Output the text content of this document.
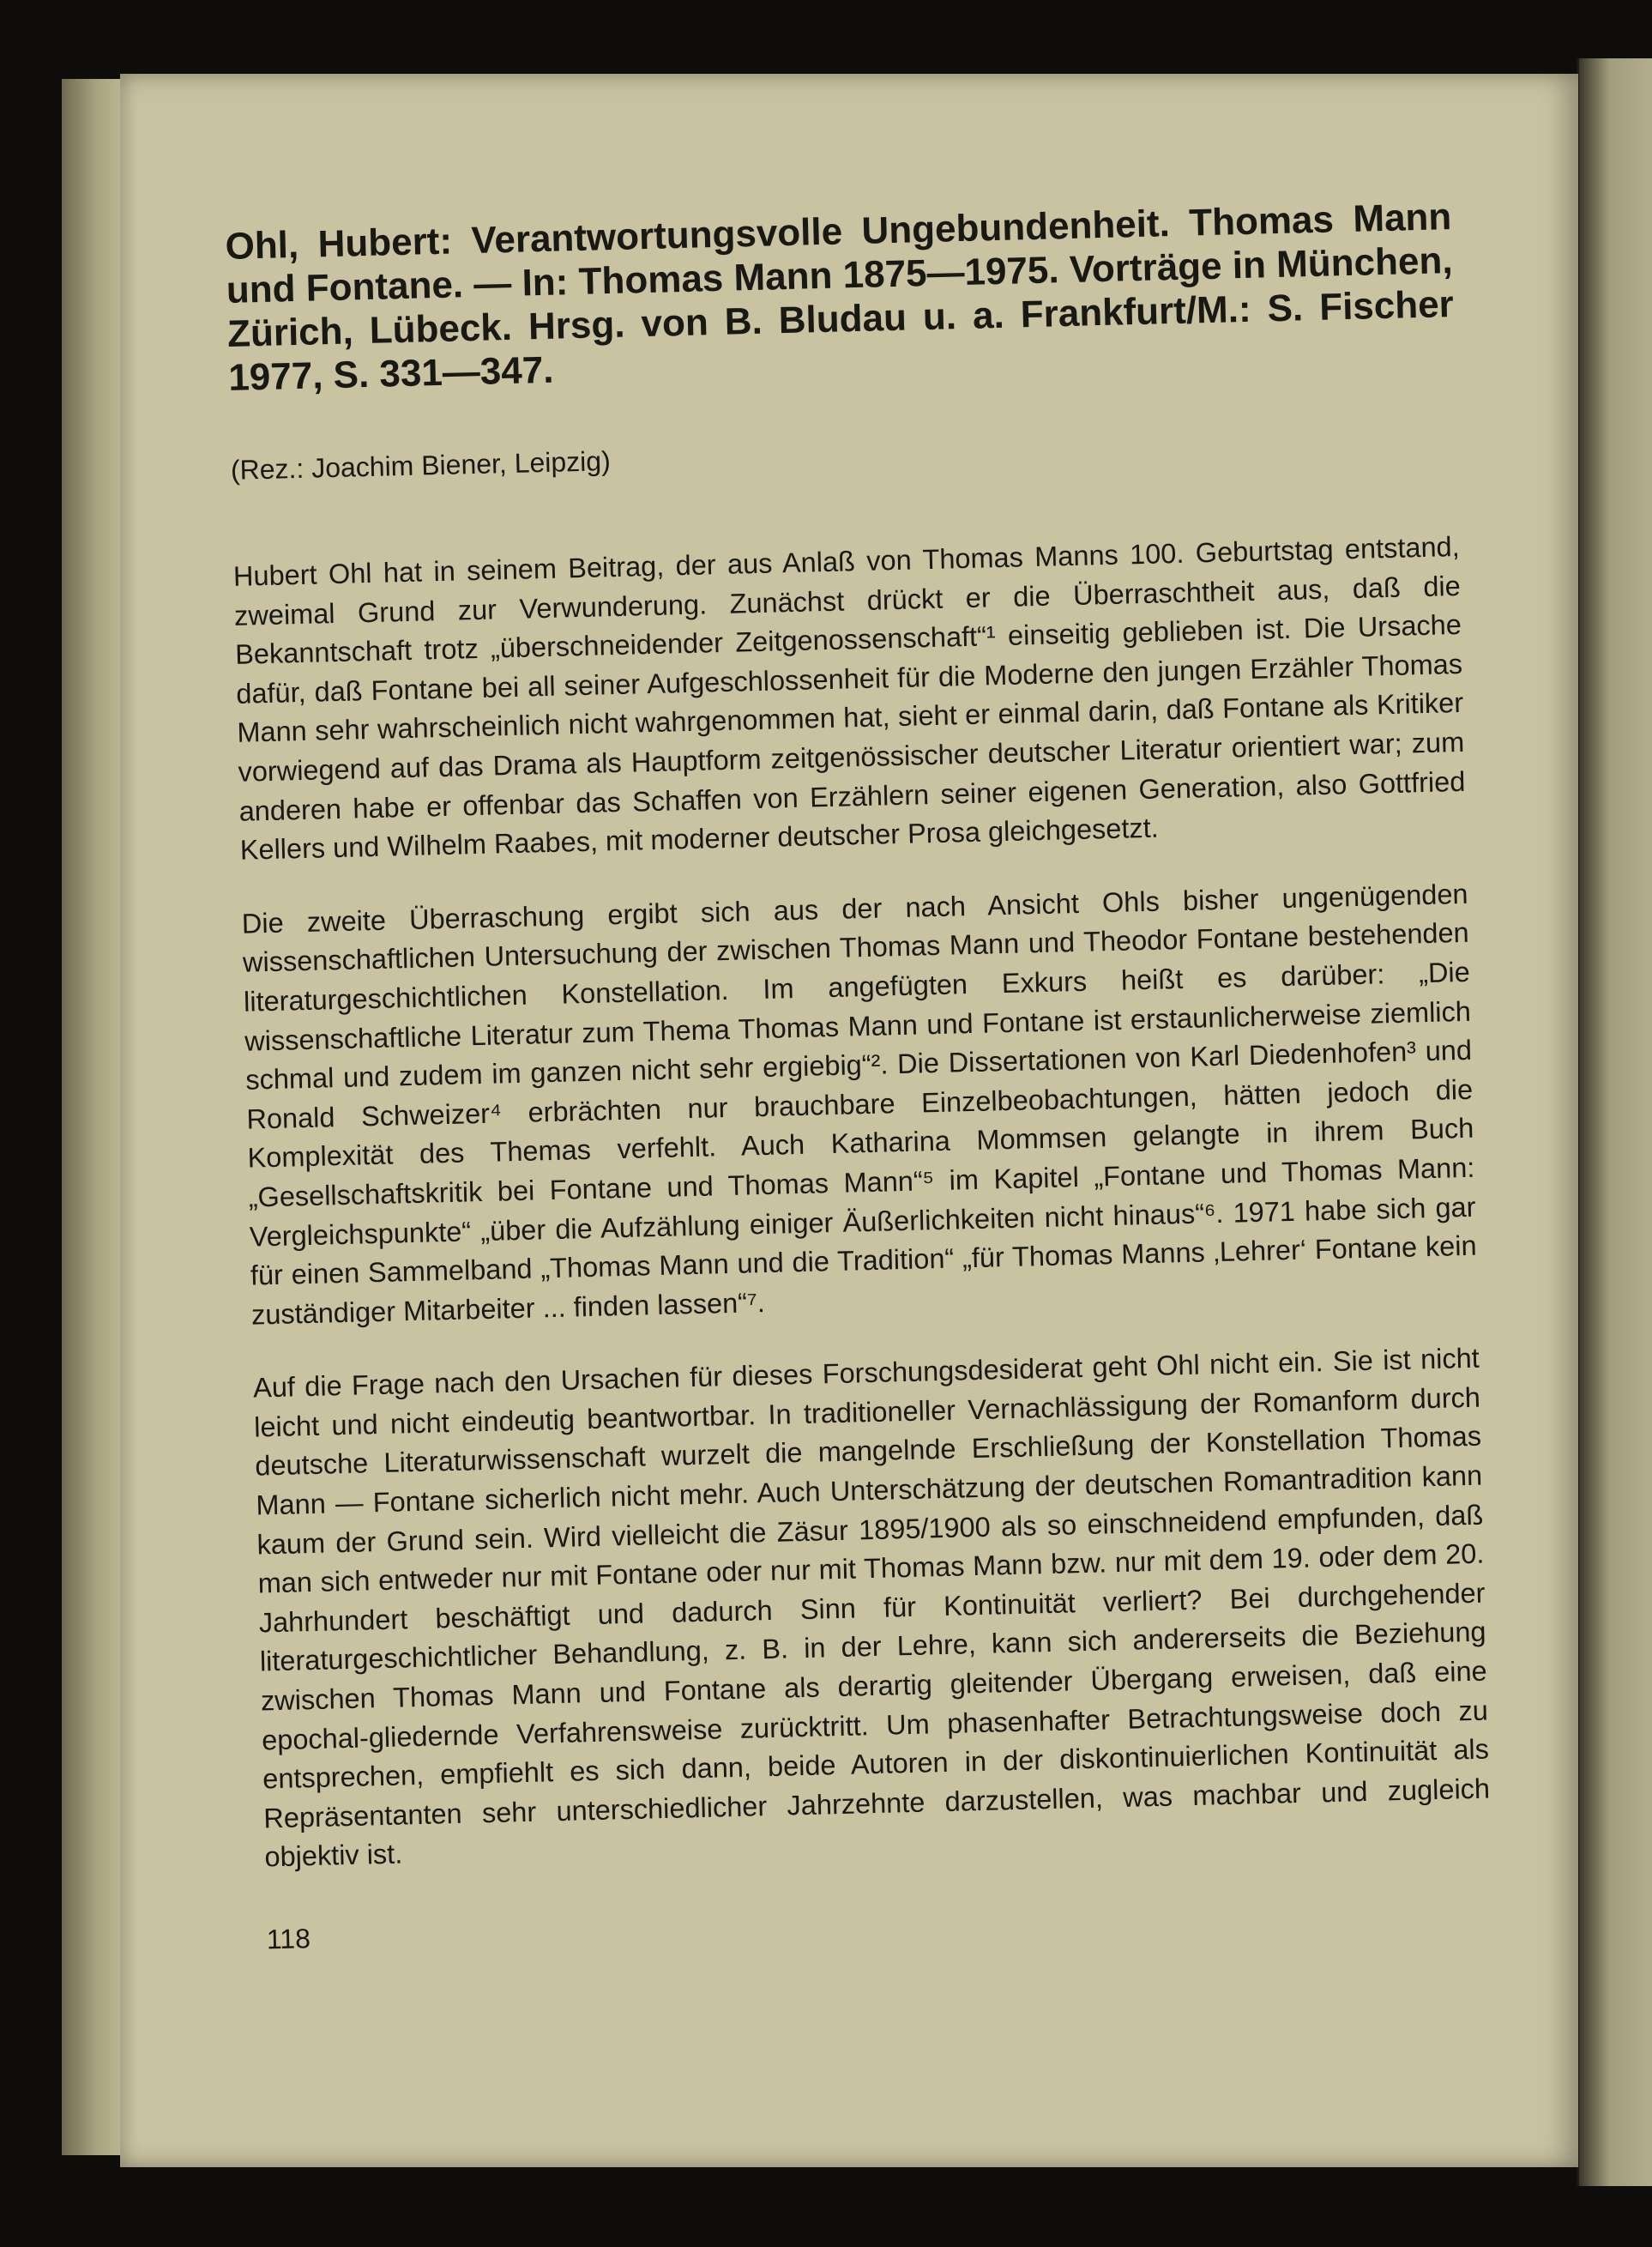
Ohl, Hubert: Verantwortungsvolle Ungebundenheit. Thomas Mann und Fontane. — In: Thomas Mann 1875—1975. Vorträge in München, Zürich, Lübeck. Hrsg. von B. Bludau u. a. Frankfurt/M.: S. Fischer 1977, S. 331—347.

(Rez.: Joachim Biener, Leipzig)

Hubert Ohl hat in seinem Beitrag, der aus Anlaß von Thomas Manns 100. Geburtstag entstand, zweimal Grund zur Verwunderung. Zunächst drückt er die Überraschtheit aus, daß die Bekanntschaft trotz „überschneidender Zeitgenossenschaft“¹ einseitig geblieben ist. Die Ursache dafür, daß Fontane bei all seiner Aufgeschlossenheit für die Moderne den jungen Erzähler Thomas Mann sehr wahrscheinlich nicht wahrgenommen hat, sieht er einmal darin, daß Fontane als Kritiker vorwiegend auf das Drama als Hauptform zeitgenössischer deutscher Literatur orientiert war; zum anderen habe er offenbar das Schaffen von Erzählern seiner eigenen Generation, also Gottfried Kellers und Wilhelm Raabes, mit moderner deutscher Prosa gleichgesetzt.

Die zweite Überraschung ergibt sich aus der nach Ansicht Ohls bisher ungenügenden wissenschaftlichen Untersuchung der zwischen Thomas Mann und Theodor Fontane bestehenden literaturgeschichtlichen Konstellation. Im angefügten Exkurs heißt es darüber: „Die wissenschaftliche Literatur zum Thema Thomas Mann und Fontane ist erstaunlicherweise ziemlich schmal und zudem im ganzen nicht sehr ergiebig“². Die Dissertationen von Karl Diedenhofen³ und Ronald Schweizer⁴ erbrächten nur brauchbare Einzelbeobachtungen, hätten jedoch die Komplexität des Themas verfehlt. Auch Katharina Mommsen gelangte in ihrem Buch „Gesellschaftskritik bei Fontane und Thomas Mann“⁵ im Kapitel „Fontane und Thomas Mann: Vergleichspunkte“ „über die Aufzählung einiger Äußerlichkeiten nicht hinaus“⁶. 1971 habe sich gar für einen Sammelband „Thomas Mann und die Tradition“ „für Thomas Manns ‚Lehrer‘ Fontane kein zuständiger Mitarbeiter ... finden lassen“⁷.

Auf die Frage nach den Ursachen für dieses Forschungsdesiderat geht Ohl nicht ein. Sie ist nicht leicht und nicht eindeutig beantwortbar. In traditioneller Vernachlässigung der Romanform durch deutsche Literaturwissenschaft wurzelt die mangelnde Erschließung der Konstellation Thomas Mann — Fontane sicherlich nicht mehr. Auch Unterschätzung der deutschen Romantradition kann kaum der Grund sein. Wird vielleicht die Zäsur 1895/1900 als so einschneidend empfunden, daß man sich entweder nur mit Fontane oder nur mit Thomas Mann bzw. nur mit dem 19. oder dem 20. Jahrhundert beschäftigt und dadurch Sinn für Kontinuität verliert? Bei durchgehender literaturgeschichtlicher Behandlung, z. B. in der Lehre, kann sich andererseits die Beziehung zwischen Thomas Mann und Fontane als derartig gleitender Übergang erweisen, daß eine epochal-gliedernde Verfahrensweise zurücktritt. Um phasenhafter Betrachtungsweise doch zu entsprechen, empfiehlt es sich dann, beide Autoren in der diskontinuierlichen Kontinuität als Repräsentanten sehr unterschiedlicher Jahrzehnte darzustellen, was machbar und zugleich objektiv ist.

118
